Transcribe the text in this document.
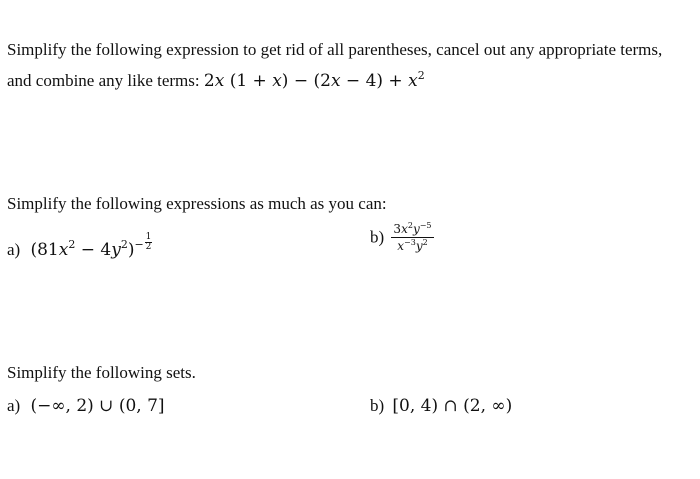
Simplify the following expression to get rid of all parentheses, cancel out any appropriate terms,
and combine any like terms: 2x $(1 + x) - (2x - 4) + x^2$
Simplify the following expressions as much as you can:
a) $(81x^2 - 4y^2)^- \frac{1}{2}$	$b) \frac{3x^2y^{-5}}{x^{-3}y^2}$
Simplify the following sets.
a) (−∞, 2) ∪ (0, 7]	b) [0, 4) ∩ (2, ∞)
